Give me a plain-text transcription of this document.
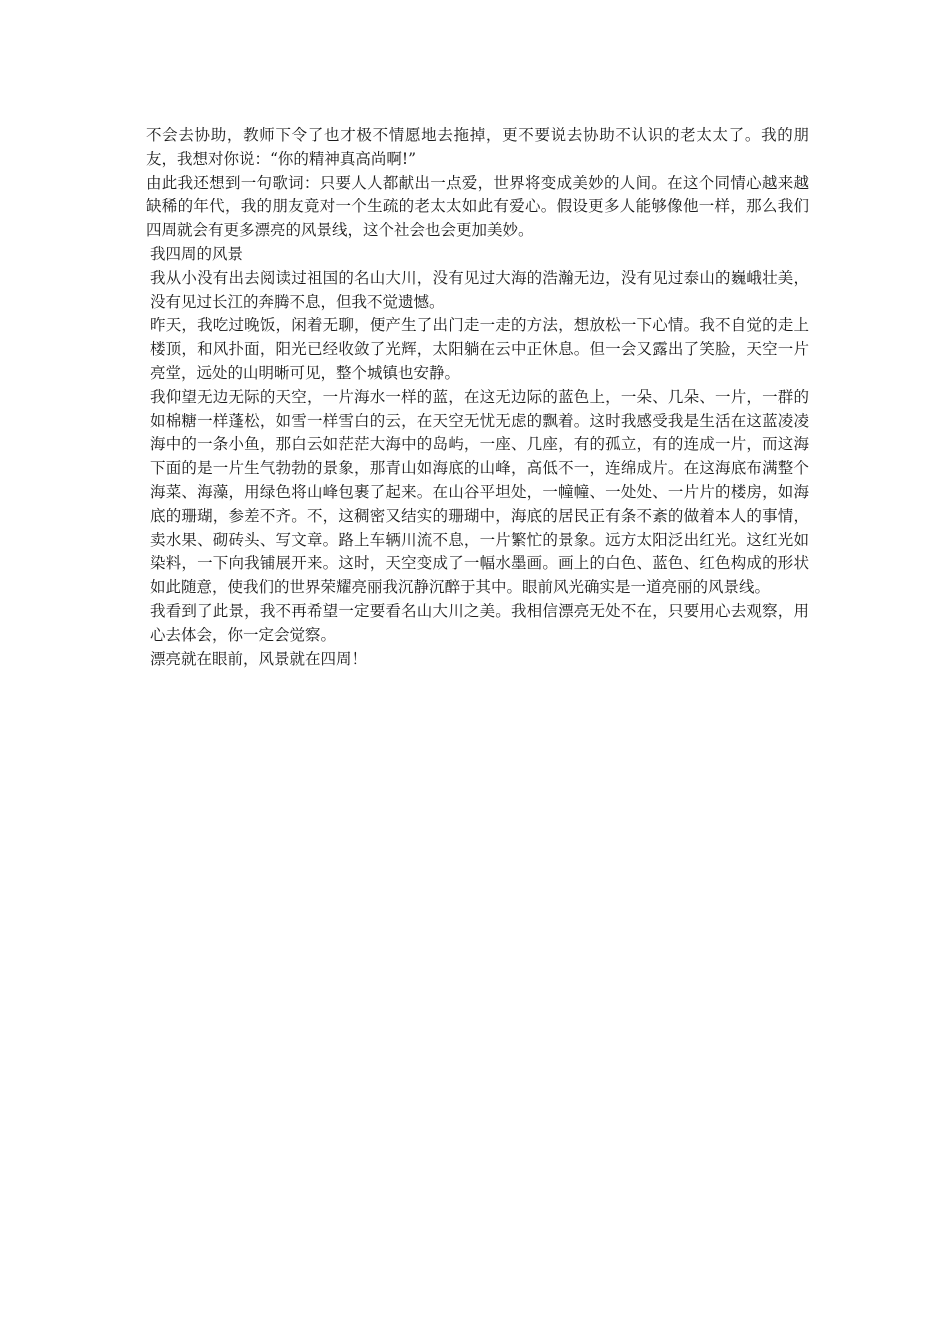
不会去协助，教师下令了也才极不情愿地去拖掉，更不要说去协助不认识的老太太了。我的朋友，我想对你说：“你的精神真高尚啊!”

由此我还想到一句歌词：只要人人都献出一点爱，世界将变成美妙的人间。在这个同情心越来越缺稀的年代，我的朋友竟对一个生疏的老太太如此有爱心。假设更多人能够像他一样，那么我们四周就会有更多漂亮的风景线，这个社会也会更加美妙。

我四周的风景

我从小没有出去阅读过祖国的名山大川，没有见过大海的浩瀚无边，没有见过泰山的巍峨壮美，没有见过长江的奔腾不息，但我不觉遗憾。

昨天，我吃过晚饭，闲着无聊，便产生了出门走一走的方法，想放松一下心情。我不自觉的走上楼顶，和风扑面，阳光已经收敛了光辉，太阳躺在云中正休息。但一会又露出了笑脸，天空一片亮堂，远处的山明晰可见，整个城镇也安静。

我仰望无边无际的天空，一片海水一样的蓝，在这无边际的蓝色上，一朵、几朵、一片，一群的如棉糖一样蓬松，如雪一样雪白的云，在天空无忧无虑的飘着。这时我感受我是生活在这蓝凌凌海中的一条小鱼，那白云如茫茫大海中的岛屿，一座、几座，有的孤立，有的连成一片，而这海下面的是一片生气勃勃的景象，那青山如海底的山峰，高低不一，连绵成片。在这海底布满整个海菜、海藻，用绿色将山峰包裹了起来。在山谷平坦处，一幢幢、一处处、一片片的楼房，如海底的珊瑚，参差不齐。不，这稠密又结实的珊瑚中，海底的居民正有条不紊的做着本人的事情，卖水果、砌砖头、写文章。路上车辆川流不息，一片繁忙的景象。远方太阳泛出红光。这红光如染料，一下向我铺展开来。这时，天空变成了一幅水墨画。画上的白色、蓝色、红色构成的形状如此随意，使我们的世界荣耀亮丽我沉静沉醉于其中。眼前风光确实是一道亮丽的风景线。

我看到了此景，我不再希望一定要看名山大川之美。我相信漂亮无处不在，只要用心去观察，用心去体会，你一定会觉察。

漂亮就在眼前，风景就在四周！
